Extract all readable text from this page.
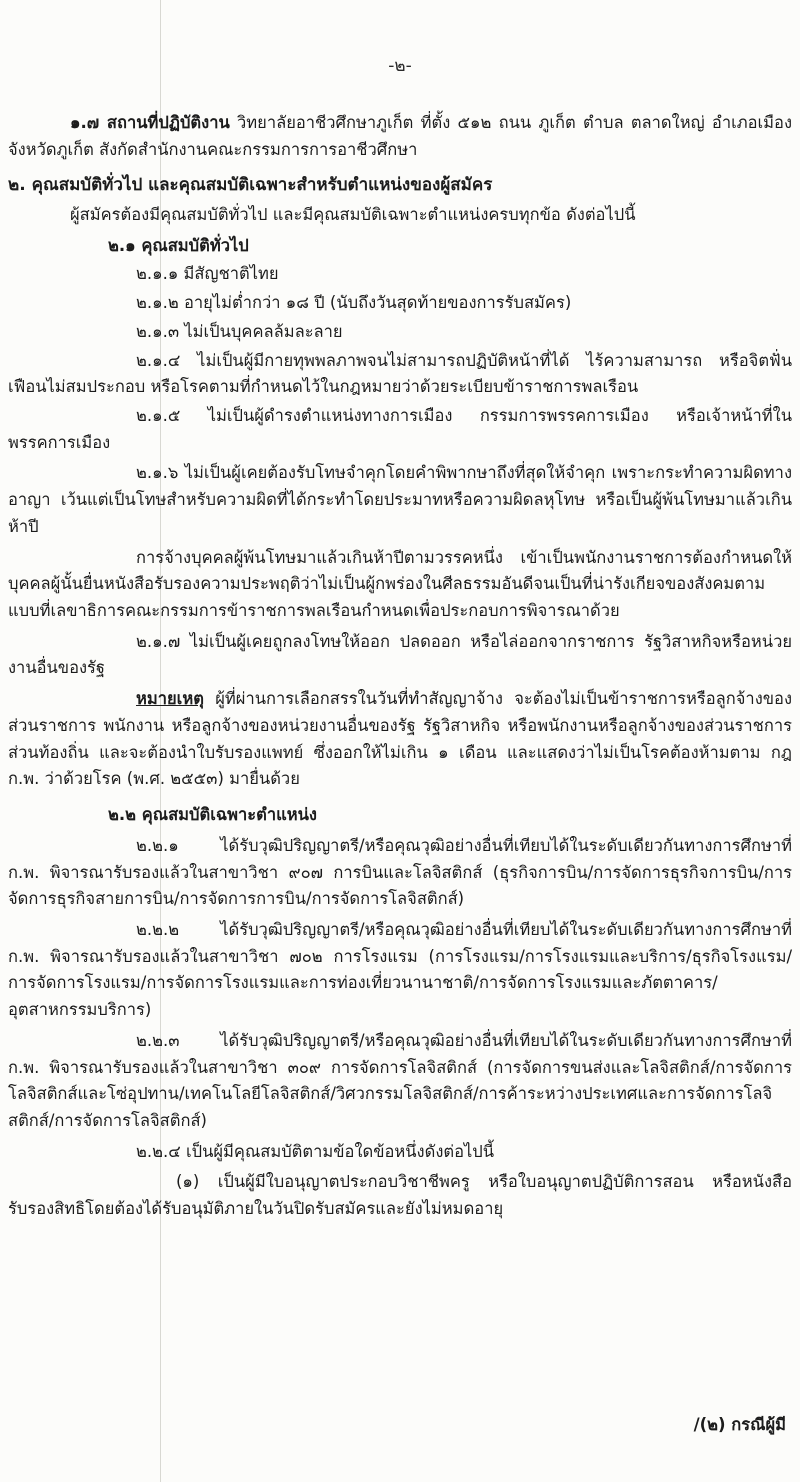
-๒-

๑.๗ สถานที่ปฏิบัติงาน วิทยาลัยอาชีวศึกษาภูเก็ต ที่ตั้ง ๕๑๒ ถนน ภูเก็ต ตำบล ตลาดใหญ่ อำเภอเมือง จังหวัดภูเก็ต สังกัดสำนักงานคณะกรรมการการอาชีวศึกษา

๒. คุณสมบัติทั่วไป และคุณสมบัติเฉพาะสำหรับตำแหน่งของผู้สมัคร

ผู้สมัครต้องมีคุณสมบัติทั่วไป และมีคุณสมบัติเฉพาะตำแหน่งครบทุกข้อ ดังต่อไปนี้

๒.๑ คุณสมบัติทั่วไป

๒.๑.๑ มีสัญชาติไทย

๒.๑.๒ อายุไม่ต่ำกว่า ๑๘ ปี (นับถึงวันสุดท้ายของการรับสมัคร)

๒.๑.๓ ไม่เป็นบุคคลล้มละลาย

๒.๑.๔ ไม่เป็นผู้มีกายทุพพลภาพจนไม่สามารถปฏิบัติหน้าที่ได้ ไร้ความสามารถ หรือจิตฟั่นเฟือนไม่สมประกอบ หรือโรคตามที่กำหนดไว้ในกฎหมายว่าด้วยระเบียบข้าราชการพลเรือน

๒.๑.๕ ไม่เป็นผู้ดำรงตำแหน่งทางการเมือง กรรมการพรรคการเมือง หรือเจ้าหน้าที่ในพรรคการเมือง

๒.๑.๖ ไม่เป็นผู้เคยต้องรับโทษจำคุกโดยคำพิพากษาถึงที่สุดให้จำคุก เพราะกระทำความผิดทางอาญา เว้นแต่เป็นโทษสำหรับความผิดที่ได้กระทำโดยประมาทหรือความผิดลหุโทษ หรือเป็นผู้พ้นโทษมาแล้วเกินห้าปี

การจ้างบุคคลผู้พ้นโทษมาแล้วเกินห้าปีตามวรรคหนึ่ง เข้าเป็นพนักงานราชการต้องกำหนดให้บุคคลผู้นั้นยื่นหนังสือรับรองความประพฤติว่าไม่เป็นผู้กพร่องในศีลธรรมอันดีจนเป็นที่น่ารังเกียจของสังคมตามแบบที่เลขาธิการคณะกรรมการข้าราชการพลเรือนกำหนดเพื่อประกอบการพิจารณาด้วย

๒.๑.๗ ไม่เป็นผู้เคยถูกลงโทษให้ออก ปลดออก หรือไล่ออกจากราชการ รัฐวิสาหกิจหรือหน่วยงานอื่นของรัฐ

หมายเหตุ ผู้ที่ผ่านการเลือกสรรในวันที่ทำสัญญาจ้าง จะต้องไม่เป็นข้าราชการหรือลูกจ้างของส่วนราชการ พนักงาน หรือลูกจ้างของหน่วยงานอื่นของรัฐ รัฐวิสาหกิจ หรือพนักงานหรือลูกจ้างของส่วนราชการส่วนท้องถิ่น และจะต้องนำใบรับรองแพทย์ ซึ่งออกให้ไม่เกิน ๑ เดือน และแสดงว่าไม่เป็นโรคต้องห้ามตาม กฎ ก.พ. ว่าด้วยโรค (พ.ศ. ๒๕๕๓) มายื่นด้วย

๒.๒ คุณสมบัติเฉพาะตำแหน่ง

๒.๒.๑ ได้รับวุฒิปริญญาตรี/หรือคุณวุฒิอย่างอื่นที่เทียบได้ในระดับเดียวกันทางการศึกษาที่ ก.พ. พิจารณารับรองแล้วในสาขาวิชา ๙๐๗ การบินและโลจิสติกส์ (ธุรกิจการบิน/การจัดการธุรกิจการบิน/การจัดการธุรกิจสายการบิน/การจัดการการบิน/การจัดการโลจิสติกส์)

๒.๒.๒ ได้รับวุฒิปริญญาตรี/หรือคุณวุฒิอย่างอื่นที่เทียบได้ในระดับเดียวกันทางการศึกษาที่ ก.พ. พิจารณารับรองแล้วในสาขาวิชา ๗๐๒ การโรงแรม (การโรงแรม/การโรงแรมและบริการ/ธุรกิจโรงแรม/การจัดการโรงแรม/การจัดการโรงแรมและการท่องเที่ยวนานาชาติ/การจัดการโรงแรมและภัตตาคาร/อุตสาหกรรมบริการ)

๒.๒.๓ ได้รับวุฒิปริญญาตรี/หรือคุณวุฒิอย่างอื่นที่เทียบได้ในระดับเดียวกันทางการศึกษาที่ ก.พ. พิจารณารับรองแล้วในสาขาวิชา ๓๐๙ การจัดการโลจิสติกส์ (การจัดการขนส่งและโลจิสติกส์/การจัดการโลจิสติกส์และโซ่อุปทาน/เทคโนโลยีโลจิสติกส์/วิศวกรรมโลจิสติกส์/การค้าระหว่างประเทศและการจัดการโลจิสติกส์/การจัดการโลจิสติกส์)

๒.๒.๔ เป็นผู้มีคุณสมบัติตามข้อใดข้อหนึ่งดังต่อไปนี้

(๑) เป็นผู้มีใบอนุญาตประกอบวิชาชีพครู หรือใบอนุญาตปฏิบัติการสอน หรือหนังสือรับรองสิทธิโดยต้องได้รับอนุมัติภายในวันปิดรับสมัครและยังไม่หมดอายุ

/(๒) กรณีผู้มี
